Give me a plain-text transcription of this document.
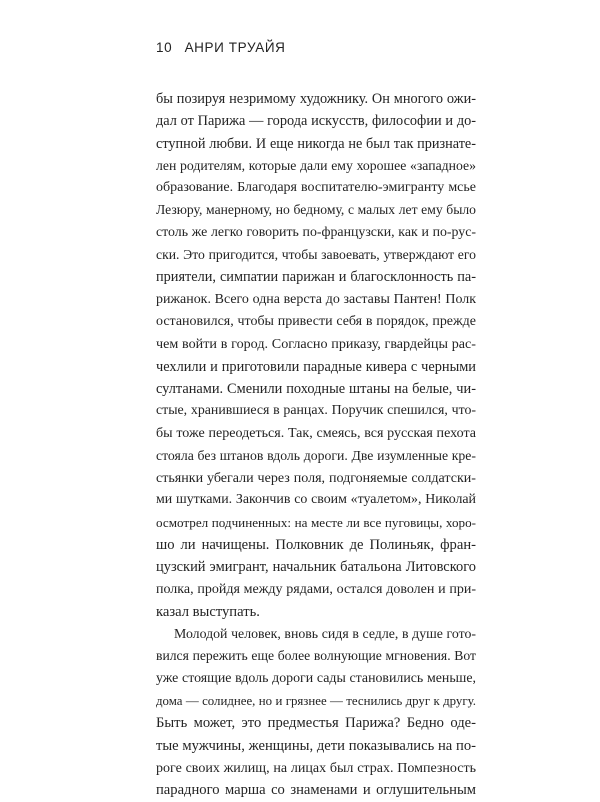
10 АНРИ ТРУАЙЯ
бы позируя незримому художнику. Он многого ожи-
дал от Парижа — города искусств, философии и до-
ступной любви. И еще никогда не был так признате-
лен родителям, которые дали ему хорошее «западное»
образование. Благодаря воспитателю-эмигранту мсье
Лезюру, манерному, но бедному, с малых лет ему было
столь же легко говорить по-французски, как и по-рус-
ски. Это пригодится, чтобы завоевать, утверждают его
приятели, симпатии парижан и благосклонность па-
рижанок. Всего одна верста до заставы Пантен! Полк
остановился, чтобы привести себя в порядок, прежде
чем войти в город. Согласно приказу, гвардейцы рас-
чехлили и приготовили парадные кивера с черными
султанами. Сменили походные штаны на белые, чи-
стые, хранившиеся в ранцах. Поручик спешился, что-
бы тоже переодеться. Так, смеясь, вся русская пехота
стояла без штанов вдоль дороги. Две изумленные кре-
стьянки убегали через поля, подгоняемые солдатски-
ми шутками. Закончив со своим «туалетом», Николай
осмотрел подчиненных: на месте ли все пуговицы, хоро-
шо ли начищены. Полковник де Полиньяк, фран-
цузский эмигрант, начальник батальона Литовского
полка, пройдя между рядами, остался доволен и при-
казал выступать.
Молодой человек, вновь сидя в седле, в душе гото-
вился пережить еще более волнующие мгновения. Вот
уже стоящие вдоль дороги сады становились меньше,
дома — солиднее, но и грязнее — теснились друг к другу.
Быть может, это предместья Парижа? Бедно оде-
тые мужчины, женщины, дети показывались на по-
роге своих жилищ, на лицах был страх. Помпезность
парадного марша со знаменами и оглушительным
